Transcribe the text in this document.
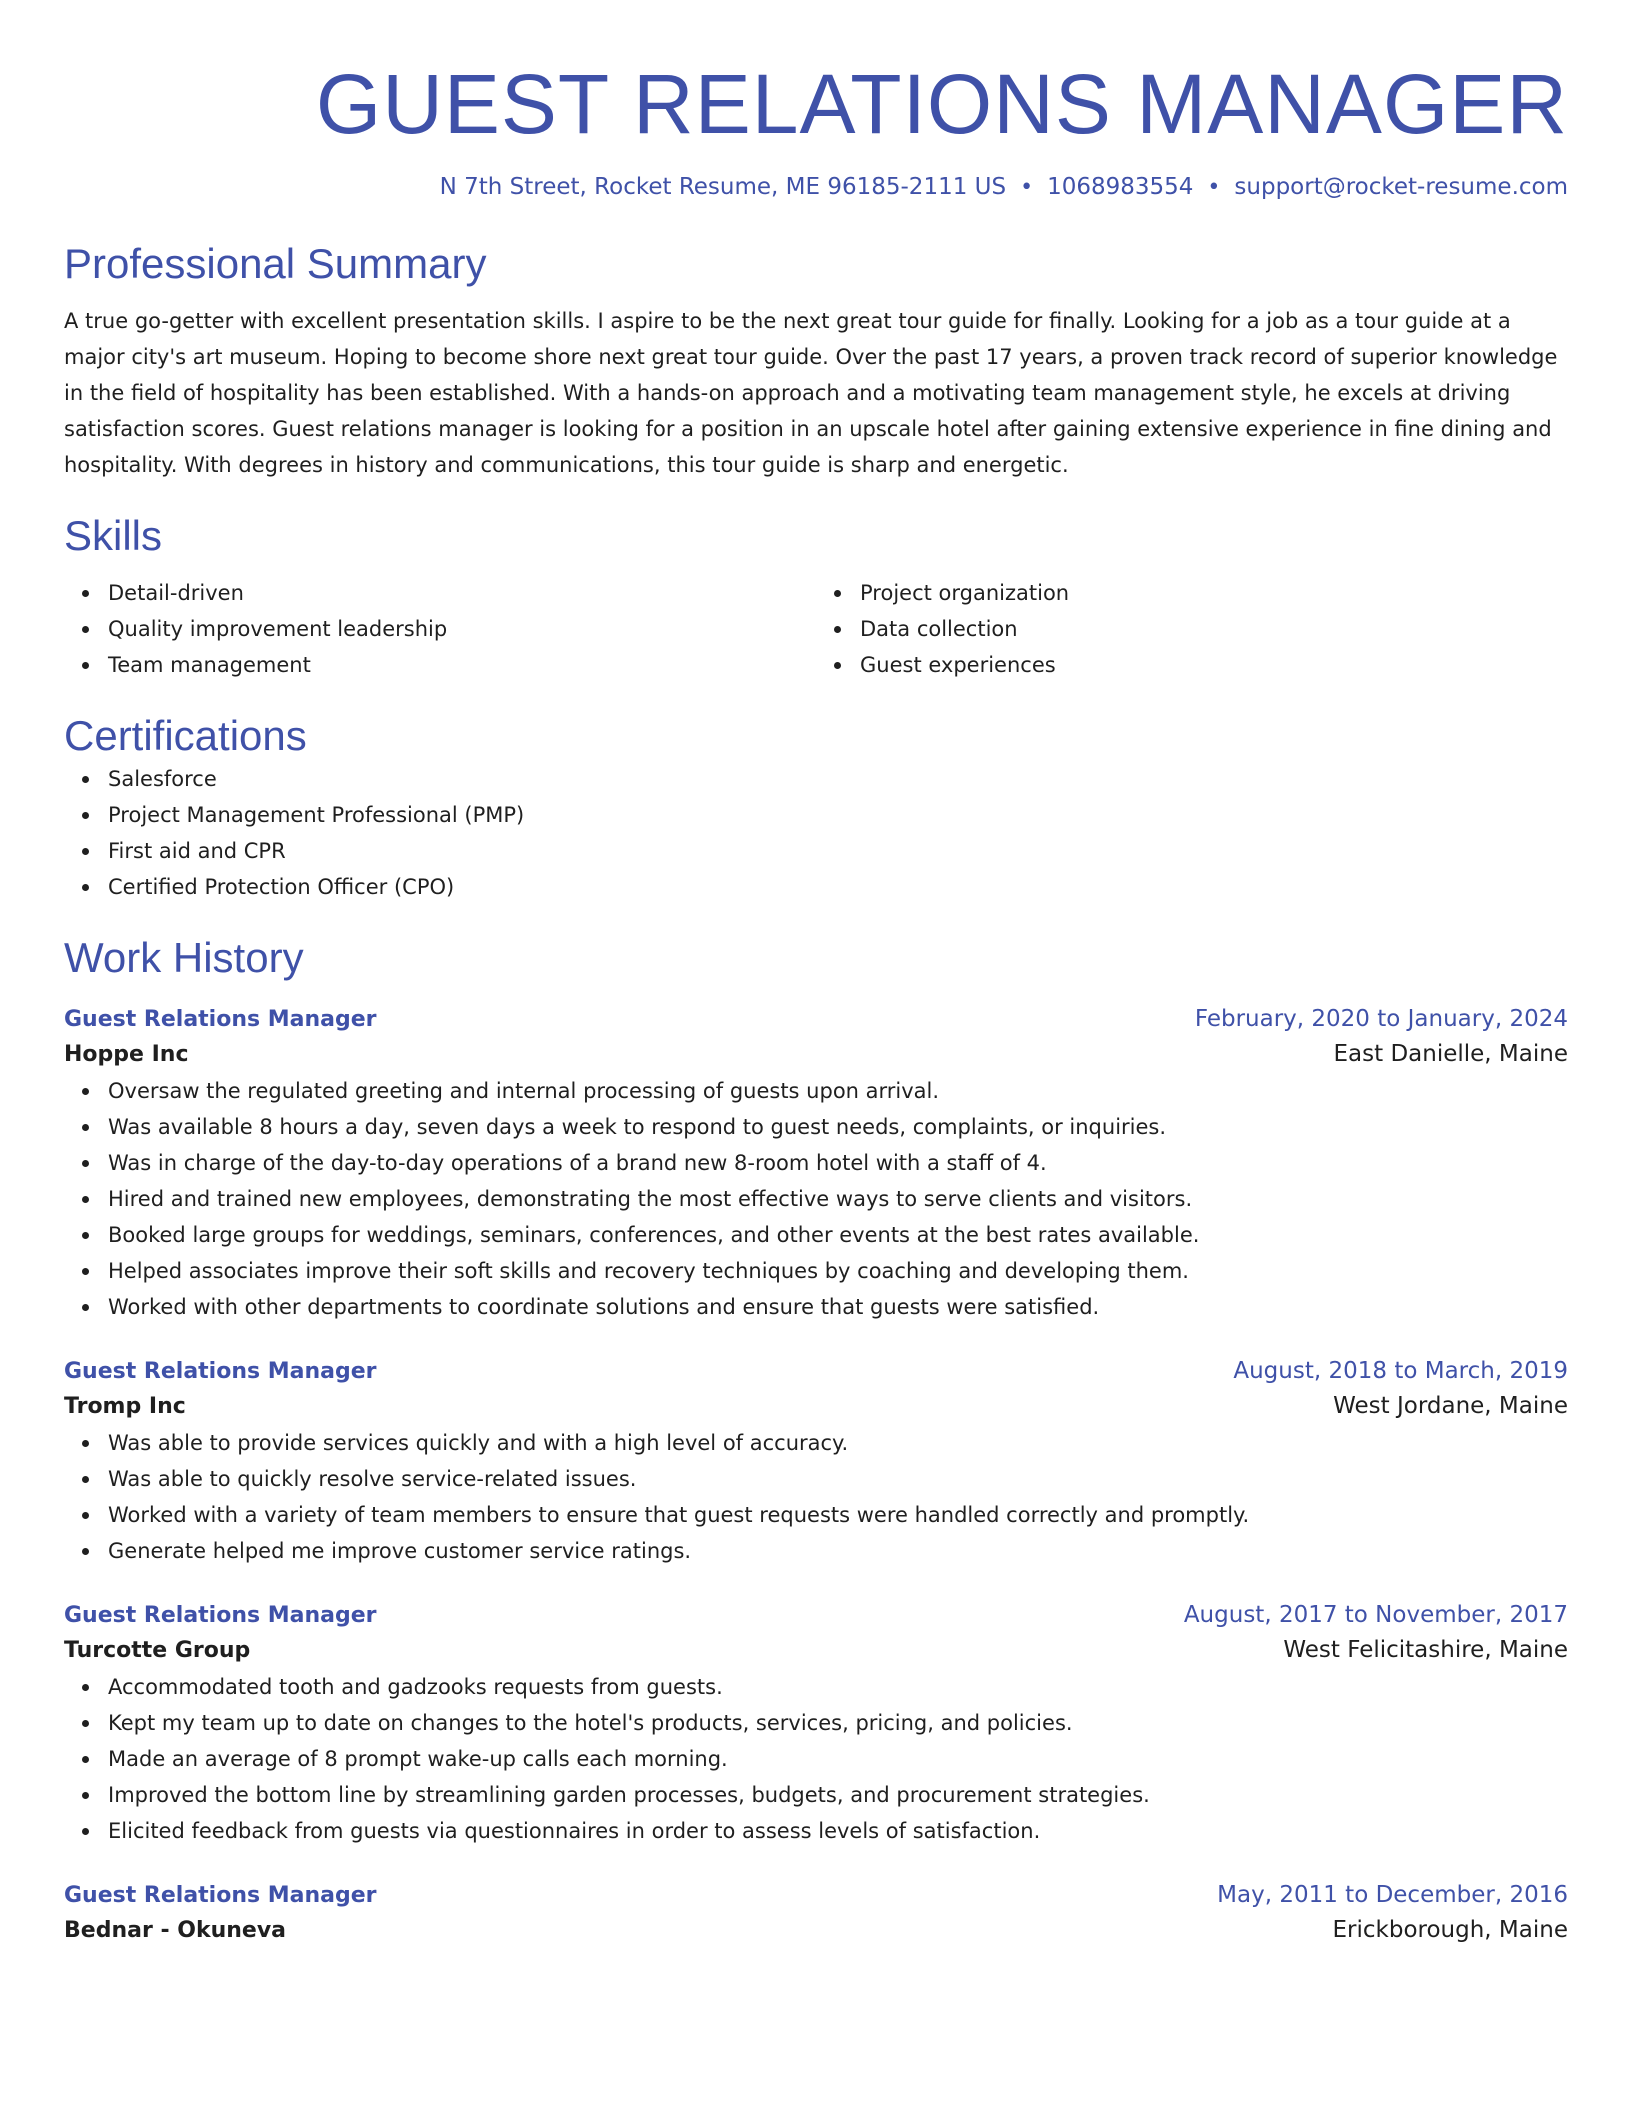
GUEST RELATIONS MANAGER
N 7th Street, Rocket Resume, ME 96185-2111 US • 1068983554 • support@rocket-resume.com
Professional Summary
A true go-getter with excellent presentation skills. I aspire to be the next great tour guide for finally. Looking for a job as a tour guide at a major city's art museum. Hoping to become shore next great tour guide. Over the past 17 years, a proven track record of superior knowledge in the field of hospitality has been established. With a hands-on approach and a motivating team management style, he excels at driving satisfaction scores. Guest relations manager is looking for a position in an upscale hotel after gaining extensive experience in fine dining and hospitality. With degrees in history and communications, this tour guide is sharp and energetic.
Skills
Detail-driven
Quality improvement leadership
Team management
Project organization
Data collection
Guest experiences
Certifications
Salesforce
Project Management Professional (PMP)
First aid and CPR
Certified Protection Officer (CPO)
Work History
Guest Relations Manager	February, 2020 to January, 2024
Hoppe Inc	East Danielle, Maine
Oversaw the regulated greeting and internal processing of guests upon arrival.
Was available 8 hours a day, seven days a week to respond to guest needs, complaints, or inquiries.
Was in charge of the day-to-day operations of a brand new 8-room hotel with a staff of 4.
Hired and trained new employees, demonstrating the most effective ways to serve clients and visitors.
Booked large groups for weddings, seminars, conferences, and other events at the best rates available.
Helped associates improve their soft skills and recovery techniques by coaching and developing them.
Worked with other departments to coordinate solutions and ensure that guests were satisfied.
Guest Relations Manager	August, 2018 to March, 2019
Tromp Inc	West Jordane, Maine
Was able to provide services quickly and with a high level of accuracy.
Was able to quickly resolve service-related issues.
Worked with a variety of team members to ensure that guest requests were handled correctly and promptly.
Generate helped me improve customer service ratings.
Guest Relations Manager	August, 2017 to November, 2017
Turcotte Group	West Felicitashire, Maine
Accommodated tooth and gadzooks requests from guests.
Kept my team up to date on changes to the hotel's products, services, pricing, and policies.
Made an average of 8 prompt wake-up calls each morning.
Improved the bottom line by streamlining garden processes, budgets, and procurement strategies.
Elicited feedback from guests via questionnaires in order to assess levels of satisfaction.
Guest Relations Manager	May, 2011 to December, 2016
Bednar - Okuneva	Erickborough, Maine
